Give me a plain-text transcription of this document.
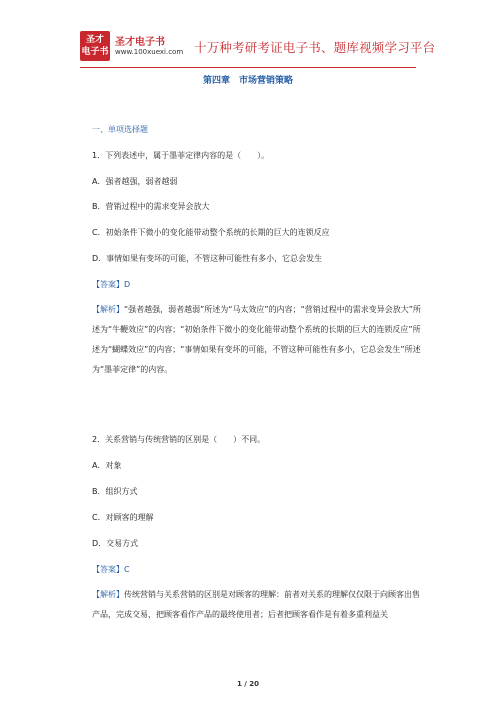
圣才
电子书
圣才电子书
www.100xuexi.com 十万种考研考证电子书、题库视频学习平台
第四章　市场营销策略
一、单项选择题
1．下列表述中，属于墨菲定律内容的是（　　）。
A．强者越强，弱者越弱
B．营销过程中的需求变异会放大
C．初始条件下微小的变化能带动整个系统的长期的巨大的连锁反应
D．事情如果有变坏的可能，不管这种可能性有多小，它总会发生
【答案】D
【解析】“强者越强，弱者越弱”所述为“马太效应”的内容；“营销过程中的需求变异会放大”所述为“牛鞭效应”的内容；“初始条件下微小的变化能带动整个系统的长期的巨大的连锁反应”所述为“蝴蝶效应”的内容；“事情如果有变坏的可能，不管这种可能性有多小，它总会发生”所述为“墨菲定律”的内容。
2．关系营销与传统营销的区别是（　　）不同。
A．对象
B．组织方式
C．对顾客的理解
D．交易方式
【答案】C
【解析】传统营销与关系营销的区别是对顾客的理解：前者对关系的理解仅仅限于向顾客出售产品，完成交易，把顾客看作产品的最终使用者；后者把顾客看作是有着多重利益关
1 / 20
